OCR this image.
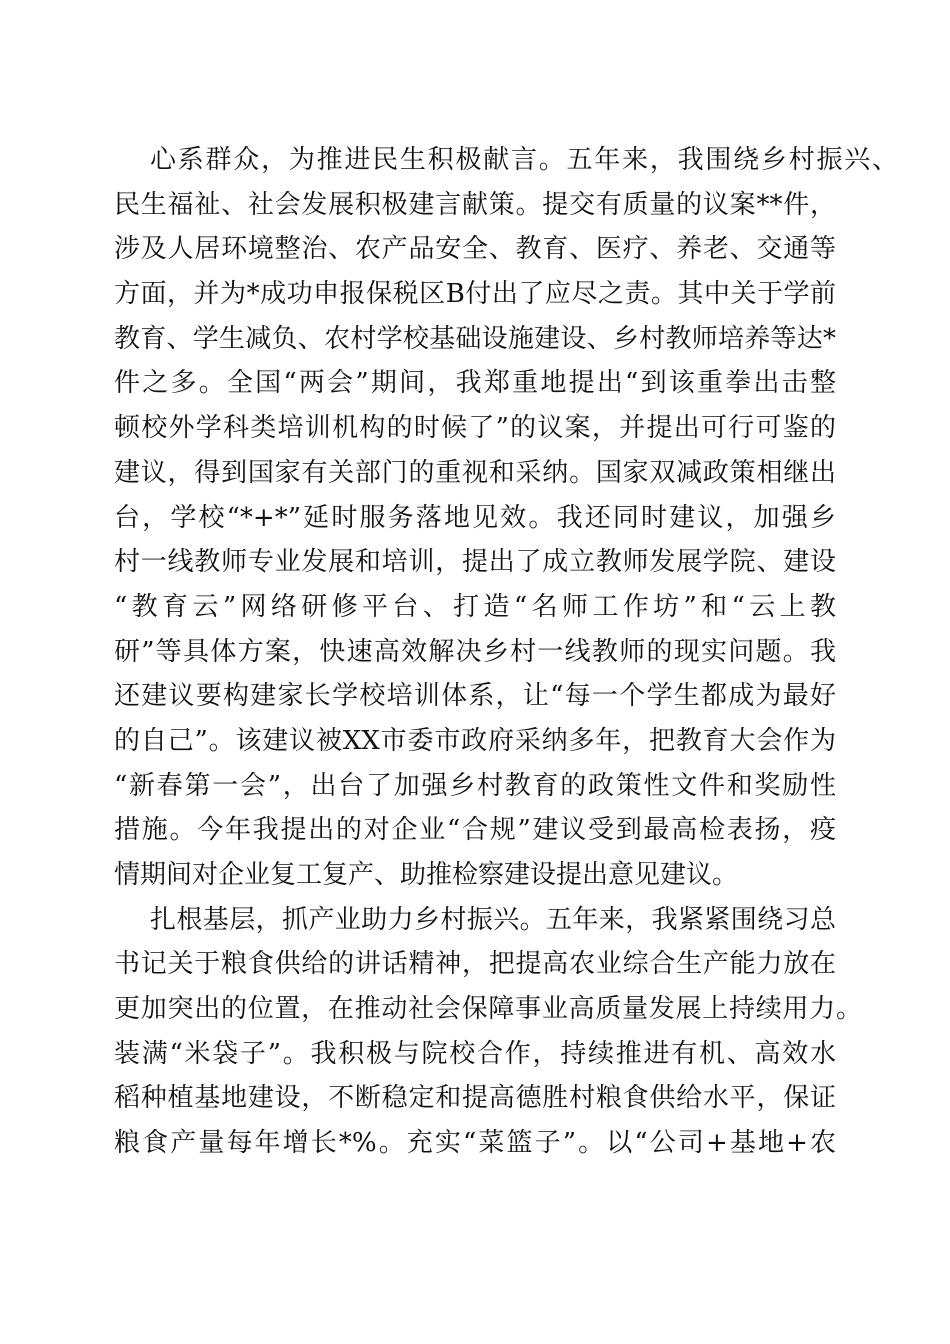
心系群众，为推进民生积极献言。五年来，我围绕乡村振兴、
民生福祉、社会发展积极建言献策。提交有质量的议案**件，
涉及人居环境整治、农产品安全、教育、医疗、养老、交通等
方面，并为*成功申报保税区B付出了应尽之责。其中关于学前
教育、学生减负、农村学校基础设施建设、乡村教师培养等达*
件之多。全国“两会”期间，我郑重地提出“到该重拳出击整
顿校外学科类培训机构的时候了”的议案，并提出可行可鉴的
建议，得到国家有关部门的重视和采纳。国家双减政策相继出
台，学校“*+*”延时服务落地见效。我还同时建议，加强乡
村一线教师专业发展和培训，提出了成立教师发展学院、建设
“教育云”网络研修平台、打造“名师工作坊”和“云上教
研”等具体方案，快速高效解决乡村一线教师的现实问题。我
还建议要构建家长学校培训体系，让“每一个学生都成为最好
的自己”。该建议被XX市委市政府采纳多年，把教育大会作为
“新春第一会”，出台了加强乡村教育的政策性文件和奖励性
措施。今年我提出的对企业“合规”建议受到最高检表扬，疫
情期间对企业复工复产、助推检察建设提出意见建议。
扎根基层，抓产业助力乡村振兴。五年来，我紧紧围绕习总
书记关于粮食供给的讲话精神，把提高农业综合生产能力放在
更加突出的位置，在推动社会保障事业高质量发展上持续用力。
装满“米袋子”。我积极与院校合作，持续推进有机、高效水
稻种植基地建设，不断稳定和提高德胜村粮食供给水平，保证
粮食产量每年增长*%。充实“菜篮子”。以“公司+基地+农
